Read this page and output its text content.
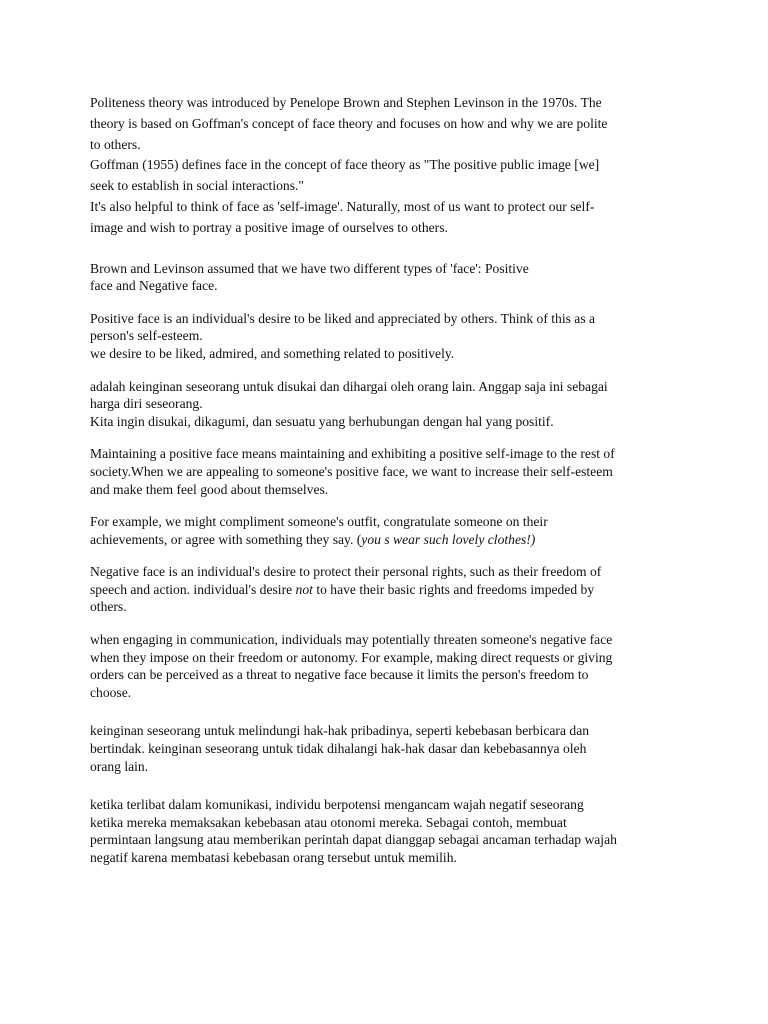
Politeness theory was introduced by Penelope Brown and Stephen Levinson in the 1970s. The
theory is based on Goffman's concept of face theory and focuses on how and why we are polite
to others.
Goffman (1955) defines face in the concept of face theory as "The positive public image [we]
seek to establish in social interactions."
It's also helpful to think of face as 'self-image'. Naturally, most of us want to protect our self-
image and wish to portray a positive image of ourselves to others.
Brown and Levinson assumed that we have two different types of 'face': Positive
face and Negative face.
Positive face is an individual's desire to be liked and appreciated by others. Think of this as a
person's self-esteem.
we desire to be liked, admired, and something related to positively.
adalah keinginan seseorang untuk disukai dan dihargai oleh orang lain. Anggap saja ini sebagai
harga diri seseorang.
Kita ingin disukai, dikagumi, dan sesuatu yang berhubungan dengan hal yang positif.
Maintaining a positive face means maintaining and exhibiting a positive self-image to the rest of
society.When we are appealing to someone's positive face, we want to increase their self-esteem
and make them feel good about themselves.
For example, we might compliment someone's outfit, congratulate someone on their
achievements, or agree with something they say. (you s wear such lovely clothes!)
Negative face is an individual's desire to protect their personal rights, such as their freedom of
speech and action. individual's desire not to have their basic rights and freedoms impeded by
others.
when engaging in communication, individuals may potentially threaten someone's negative face
when they impose on their freedom or autonomy. For example, making direct requests or giving
orders can be perceived as a threat to negative face because it limits the person's freedom to
choose.
keinginan seseorang untuk melindungi hak-hak pribadinya, seperti kebebasan berbicara dan
bertindak. keinginan seseorang untuk tidak dihalangi hak-hak dasar dan kebebasannya oleh
orang lain.
ketika terlibat dalam komunikasi, individu berpotensi mengancam wajah negatif seseorang
ketika mereka memaksakan kebebasan atau otonomi mereka. Sebagai contoh, membuat
permintaan langsung atau memberikan perintah dapat dianggap sebagai ancaman terhadap wajah
negatif karena membatasi kebebasan orang tersebut untuk memilih.
